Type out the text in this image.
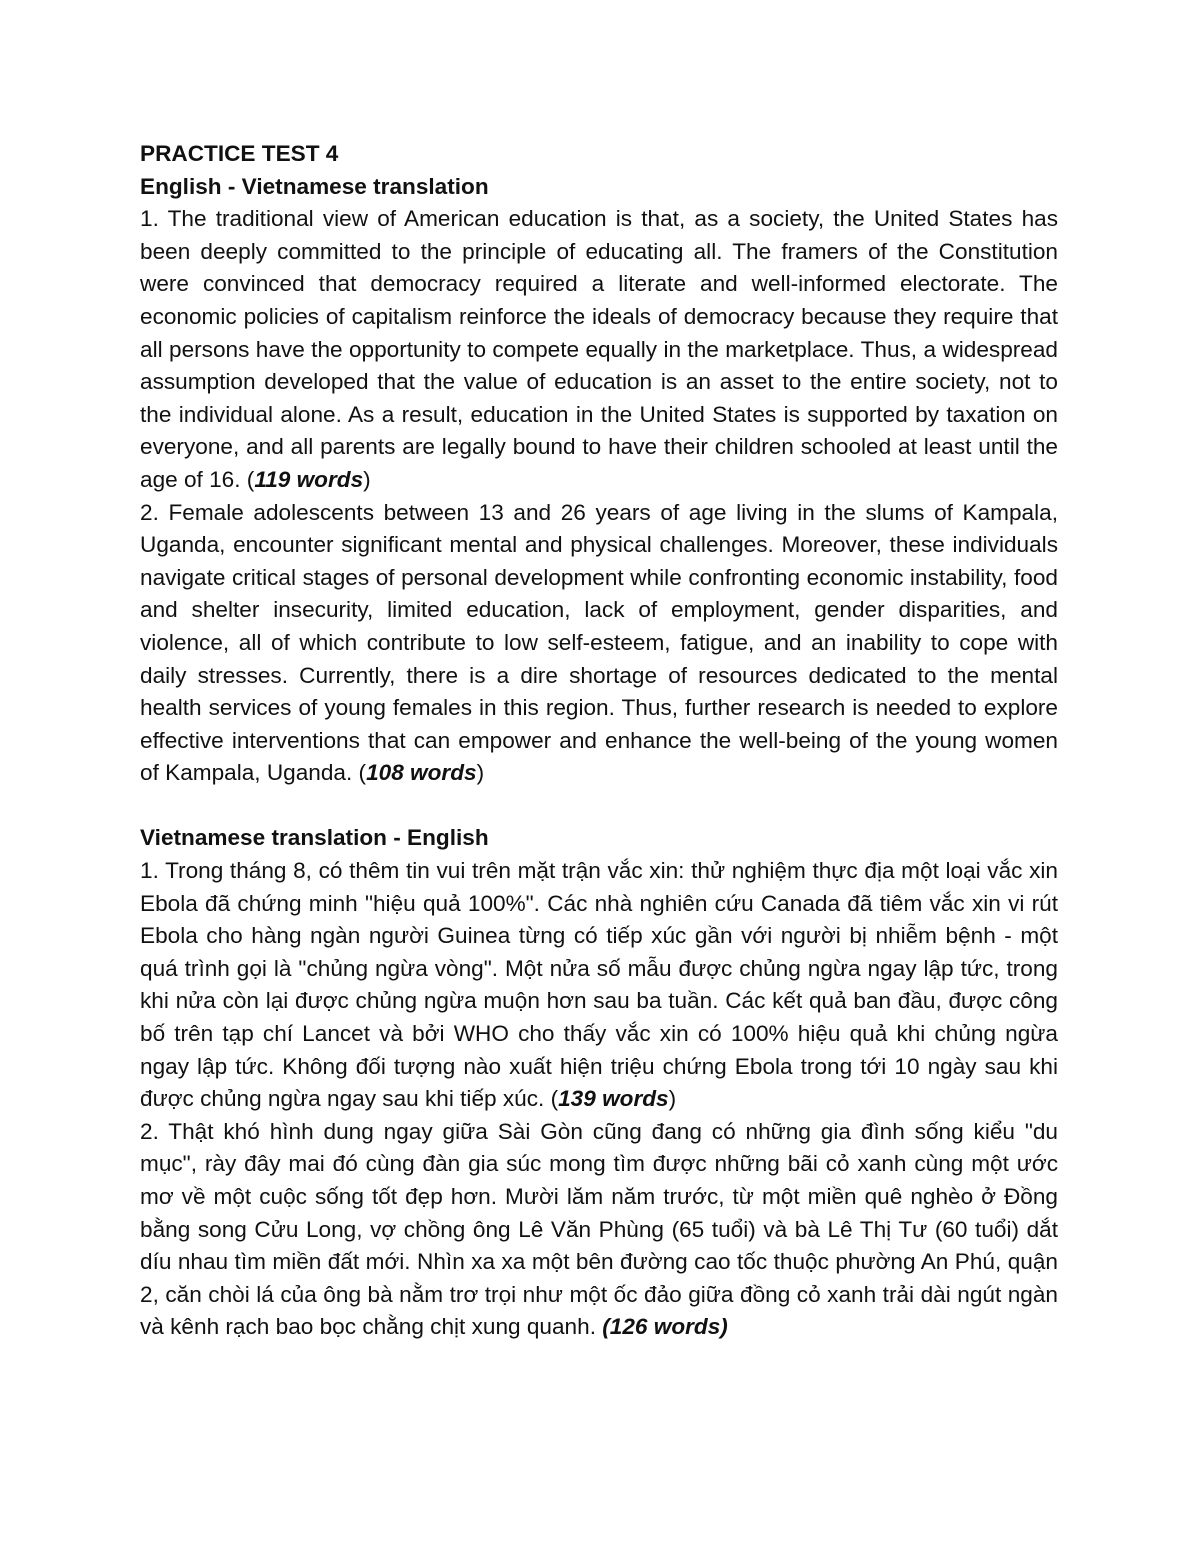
PRACTICE TEST 4

English - Vietnamese translation

1. The traditional view of American education is that, as a society, the United States has been deeply committed to the principle of educating all. The framers of the Constitution were convinced that democracy required a literate and well-informed electorate. The economic policies of capitalism reinforce the ideals of democracy because they require that all persons have the opportunity to compete equally in the marketplace. Thus, a widespread assumption developed that the value of education is an asset to the entire society, not to the individual alone. As a result, education in the United States is supported by taxation on everyone, and all parents are legally bound to have their children schooled at least until the age of 16. (119 words)

2. Female adolescents between 13 and 26 years of age living in the slums of Kampala, Uganda, encounter significant mental and physical challenges. Moreover, these individuals navigate critical stages of personal development while confronting economic instability, food and shelter insecurity, limited education, lack of employment, gender disparities, and violence, all of which contribute to low self-esteem, fatigue, and an inability to cope with daily stresses. Currently, there is a dire shortage of resources dedicated to the mental health services of young females in this region. Thus, further research is needed to explore effective interventions that can empower and enhance the well-being of the young women of Kampala, Uganda. (108 words)

Vietnamese translation - English

1. Trong tháng 8, có thêm tin vui trên mặt trận vắc xin: thử nghiệm thực địa một loại vắc xin Ebola đã chứng minh "hiệu quả 100%". Các nhà nghiên cứu Canada đã tiêm vắc xin vi rút Ebola cho hàng ngàn người Guinea từng có tiếp xúc gần với người bị nhiễm bệnh - một quá trình gọi là "chủng ngừa vòng". Một nửa số mẫu được chủng ngừa ngay lập tức, trong khi nửa còn lại được chủng ngừa muộn hơn sau ba tuần. Các kết quả ban đầu, được công bố trên tạp chí Lancet và bởi WHO cho thấy vắc xin có 100% hiệu quả khi chủng ngừa ngay lập tức. Không đối tượng nào xuất hiện triệu chứng Ebola trong tới 10 ngày sau khi được chủng ngừa ngay sau khi tiếp xúc. (139 words)

2. Thật khó hình dung ngay giữa Sài Gòn cũng đang có những gia đình sống kiểu "du mục", rày đây mai đó cùng đàn gia súc mong tìm được những bãi cỏ xanh cùng một ước mơ về một cuộc sống tốt đẹp hơn. Mười lăm năm trước, từ một miền quê nghèo ở Đồng bằng song Cửu Long, vợ chồng ông Lê Văn Phùng (65 tuổi) và bà Lê Thị Tư (60 tuổi) dắt díu nhau tìm miền đất mới. Nhìn xa xa một bên đường cao tốc thuộc phường An Phú, quận 2, căn chòi lá của ông bà nằm trơ trọi như một ốc đảo giữa đồng cỏ xanh trải dài ngút ngàn và kênh rạch bao bọc chằng chịt xung quanh. (126 words)
